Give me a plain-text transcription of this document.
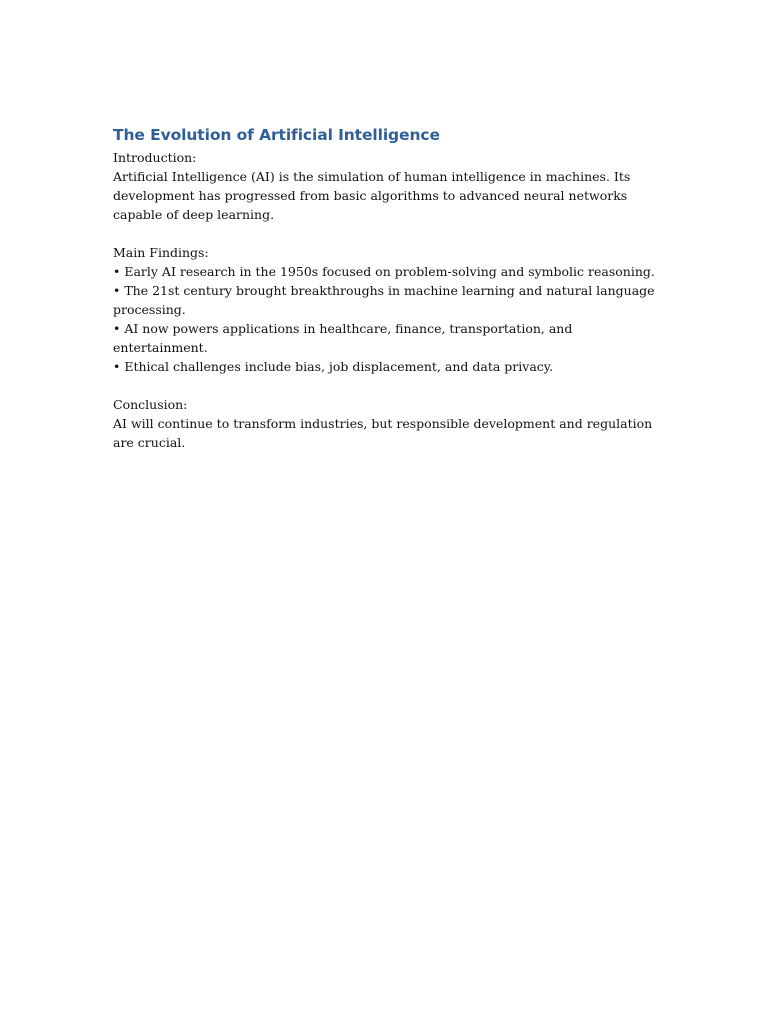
The Evolution of Artificial Intelligence

Introduction:

Artificial Intelligence (AI) is the simulation of human intelligence in machines. Its development has progressed from basic algorithms to advanced neural networks capable of deep learning.

Main Findings:

• Early AI research in the 1950s focused on problem-solving and symbolic reasoning.
• The 21st century brought breakthroughs in machine learning and natural language processing.
• AI now powers applications in healthcare, finance, transportation, and entertainment.
• Ethical challenges include bias, job displacement, and data privacy.

Conclusion:

AI will continue to transform industries, but responsible development and regulation are crucial.
